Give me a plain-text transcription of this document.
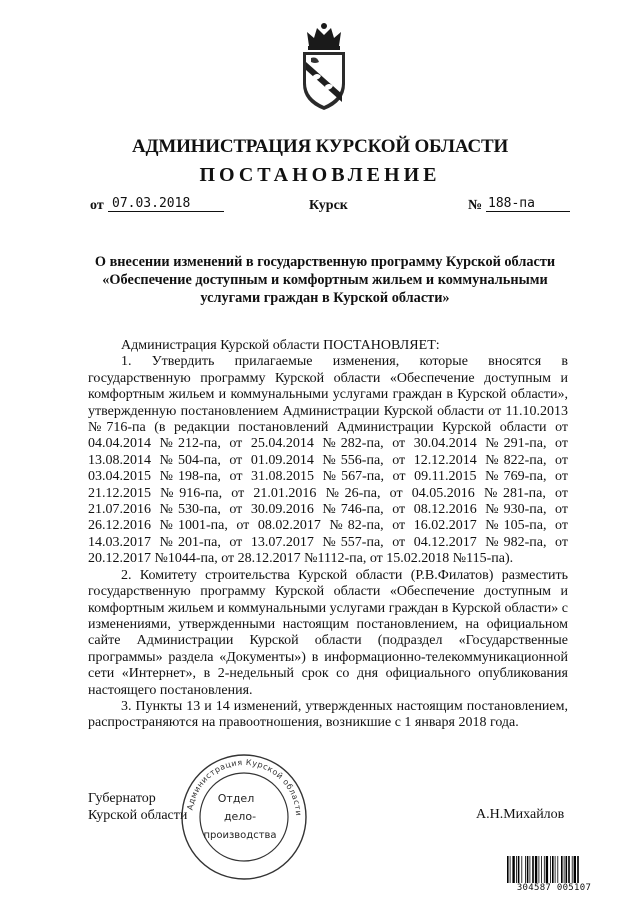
АДМИНИСТРАЦИЯ КУРСКОЙ ОБЛАСТИ
ПОСТАНОВЛЕНИЕ
от 07.03.2018	Курск	№ 188-па
О внесении изменений в государственную программу Курской области
«Обеспечение доступным и комфортным жильем и коммунальными
услугами граждан в Курской области»

Администрация Курской области ПОСТАНОВЛЯЕТ:

1. Утвердить прилагаемые изменения, которые вносятся в государственную программу Курской области «Обеспечение доступным и комфортным жильем и коммунальными услугами граждан в Курской области», утвержденную постановлением Администрации Курской области от 11.10.2013 №716-па (в редакции постановлений Администрации Курской области от 04.04.2014 №212-па, от 25.04.2014 №282-па, от 30.04.2014 №291-па, от 13.08.2014 №504-па, от 01.09.2014 №556-па, от 12.12.2014 №822-па, от 03.04.2015 №198-па, от 31.08.2015 №567-па, от 09.11.2015 №769-па, от 21.12.2015 №916-па, от 21.01.2016 №26-па, от 04.05.2016 №281-па, от 21.07.2016 №530-па, от 30.09.2016 №746-па, от 08.12.2016 №930-па, от 26.12.2016 №1001-па, от 08.02.2017 №82-па, от 16.02.2017 №105-па, от 14.03.2017 №201-па, от 13.07.2017 №557-па, от 04.12.2017 №982-па, от 20.12.2017 №1044-па, от 28.12.2017 №1112-па, от 15.02.2018 №115-па).

2. Комитету строительства Курской области (Р.В.Филатов) разместить государственную программу Курской области «Обеспечение доступным и комфортным жильем и коммунальными услугами граждан в Курской области» с изменениями, утвержденными настоящим постановлением, на официальном сайте Администрации Курской области (подраздел «Государственные программы» раздела «Документы») в информационно-телекоммуникационной сети «Интернет», в 2-недельный срок со дня официального опубликования настоящего постановления.

3. Пункты 13 и 14 изменений, утвержденных настоящим постановлением, распространяются на правоотношения, возникшие с 1 января 2018 года.

Губернатор
Курской области	А.Н.Михайлов
Администрация Курской области
Отдел
дело-
производства
304587 005107
